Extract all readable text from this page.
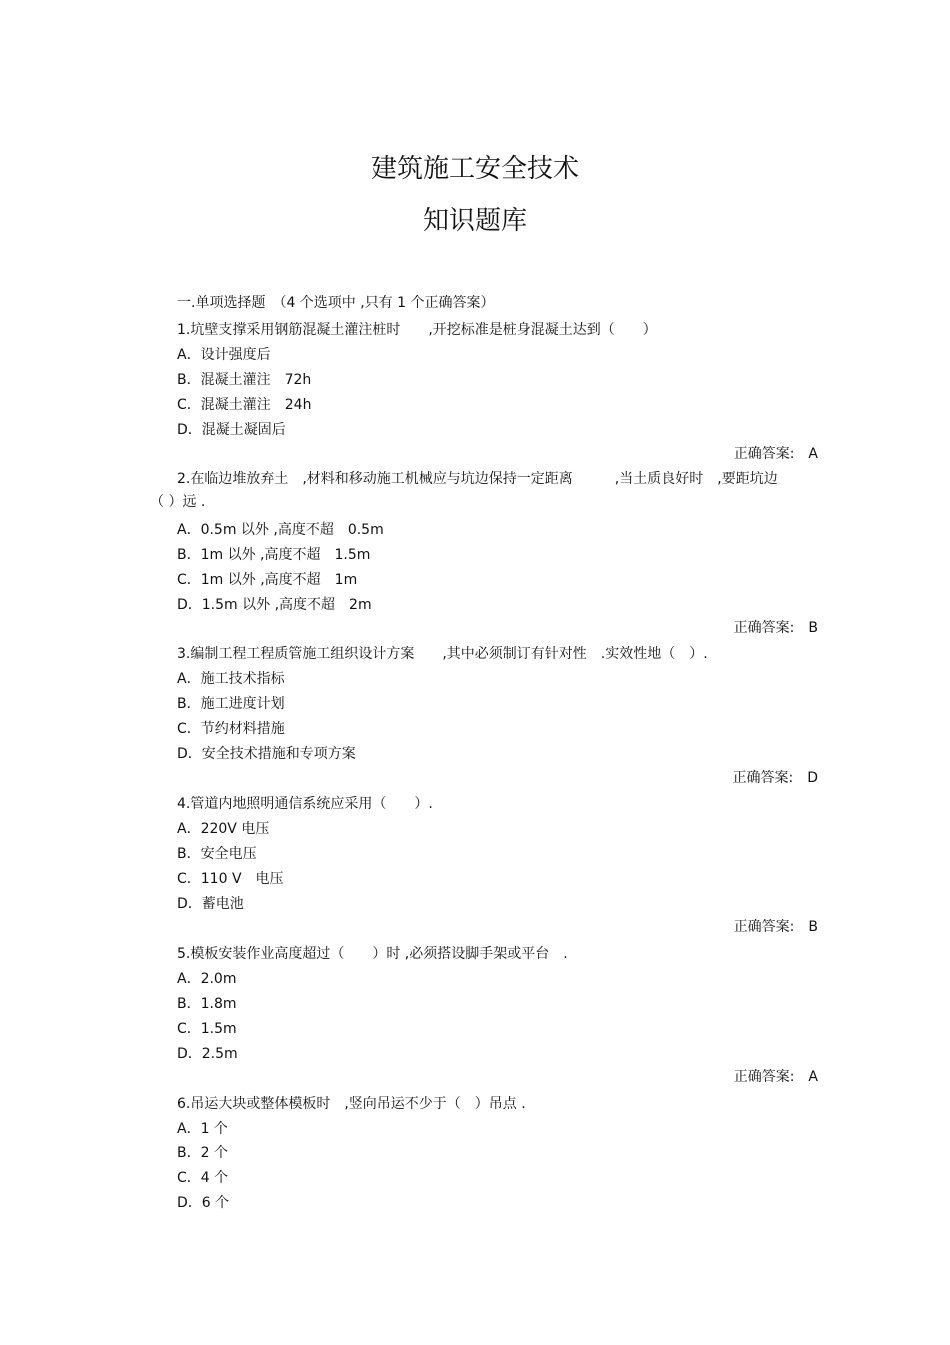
建筑施工安全技术
知识题库
一.单项选择题　（4 个选项中 ,只有 1 个正确答案）
1.坑壁支撑采用钢筋混凝土灌注桩时　　,开挖标准是桩身混凝土达到（　　）
A．设计强度后
B．混凝土灌注　72h
C．混凝土灌注　24h
D．混凝土凝固后
正确答案:　A
2.在临边堆放弃土　,材料和移动施工机械应与坑边保持一定距离　　　,当土质良好时　,要距坑边
（ ）远 .
A．0.5m 以外 ,高度不超　0.5m
B．1m 以外 ,高度不超　1.5m
C．1m 以外 ,高度不超　1m
D．1.5m 以外 ,高度不超　2m
正确答案:　B
3.编制工程工程质管施工组织设计方案　　,其中必须制订有针对性　.实效性地（　）.
A．施工技术指标
B．施工进度计划
C．节约材料措施
D．安全技术措施和专项方案
正确答案:　D
4.管道内地照明通信系统应采用（　　）.
A．220V 电压
B．安全电压
C．110 V　电压
D．蓄电池
正确答案:　B
5.模板安装作业高度超过（　　）时 ,必须搭设脚手架或平台　.
A．2.0m
B．1.8m
C．1.5m
D．2.5m
正确答案:　A
6.吊运大块或整体模板时　,竖向吊运不少于（　）吊点 .
A．1 个
B．2 个
C．4 个
D．6 个
